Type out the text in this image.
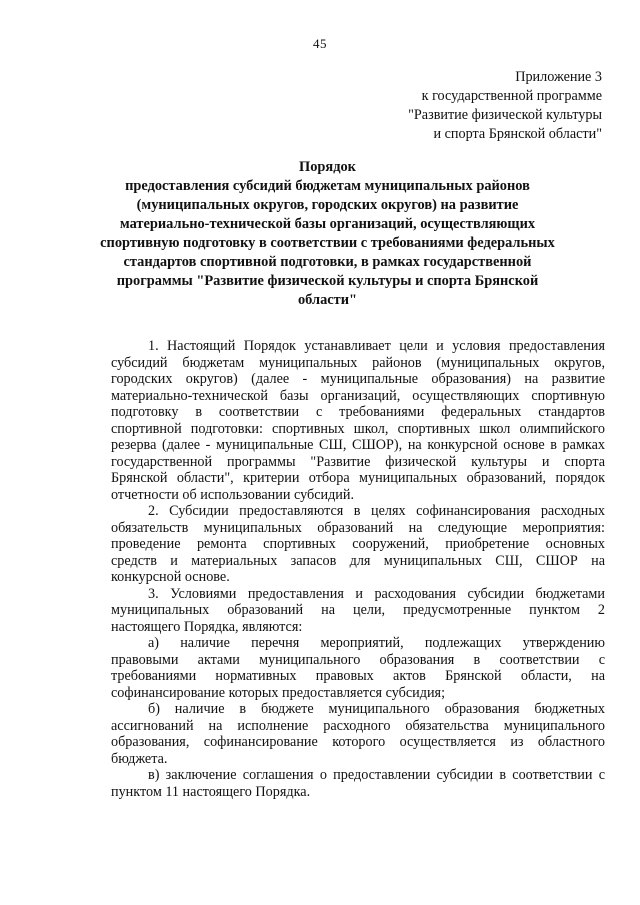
45
Приложение 3
к государственной программе
"Развитие физической культуры
и спорта Брянской области"
Порядок
предоставления субсидий бюджетам муниципальных районов
(муниципальных округов, городских округов) на развитие
материально-технической базы организаций, осуществляющих
спортивную подготовку в соответствии с требованиями федеральных
стандартов спортивной подготовки, в рамках государственной
программы "Развитие физической культуры и спорта Брянской
области"
1. Настоящий Порядок устанавливает цели и условия предоставления
субсидий бюджетам муниципальных районов (муниципальных округов,
городских округов) (далее - муниципальные образования) на развитие
материально-технической базы организаций, осуществляющих спортивную
подготовку в соответствии с требованиями федеральных стандартов
спортивной подготовки: спортивных школ, спортивных школ олимпийского
резерва (далее - муниципальные СШ, СШОР), на конкурсной основе в рамках
государственной программы "Развитие физической культуры и спорта
Брянской области", критерии отбора муниципальных образований, порядок
отчетности об использовании субсидий.
2. Субсидии предоставляются в целях софинансирования расходных
обязательств муниципальных образований на следующие мероприятия:
проведение ремонта спортивных сооружений, приобретение основных
средств и материальных запасов для муниципальных СШ, СШОР на
конкурсной основе.
3. Условиями предоставления и расходования субсидии бюджетами
муниципальных образований на цели, предусмотренные пунктом 2
настоящего Порядка, являются:
а) наличие перечня мероприятий, подлежащих утверждению
правовыми актами муниципального образования в соответствии с
требованиями нормативных правовых актов Брянской области, на
софинансирование которых предоставляется субсидия;
б) наличие в бюджете муниципального образования бюджетных
ассигнований на исполнение расходного обязательства муниципального
образования, софинансирование которого осуществляется из областного
бюджета.
в) заключение соглашения о предоставлении субсидии в соответствии с
пунктом 11 настоящего Порядка.
